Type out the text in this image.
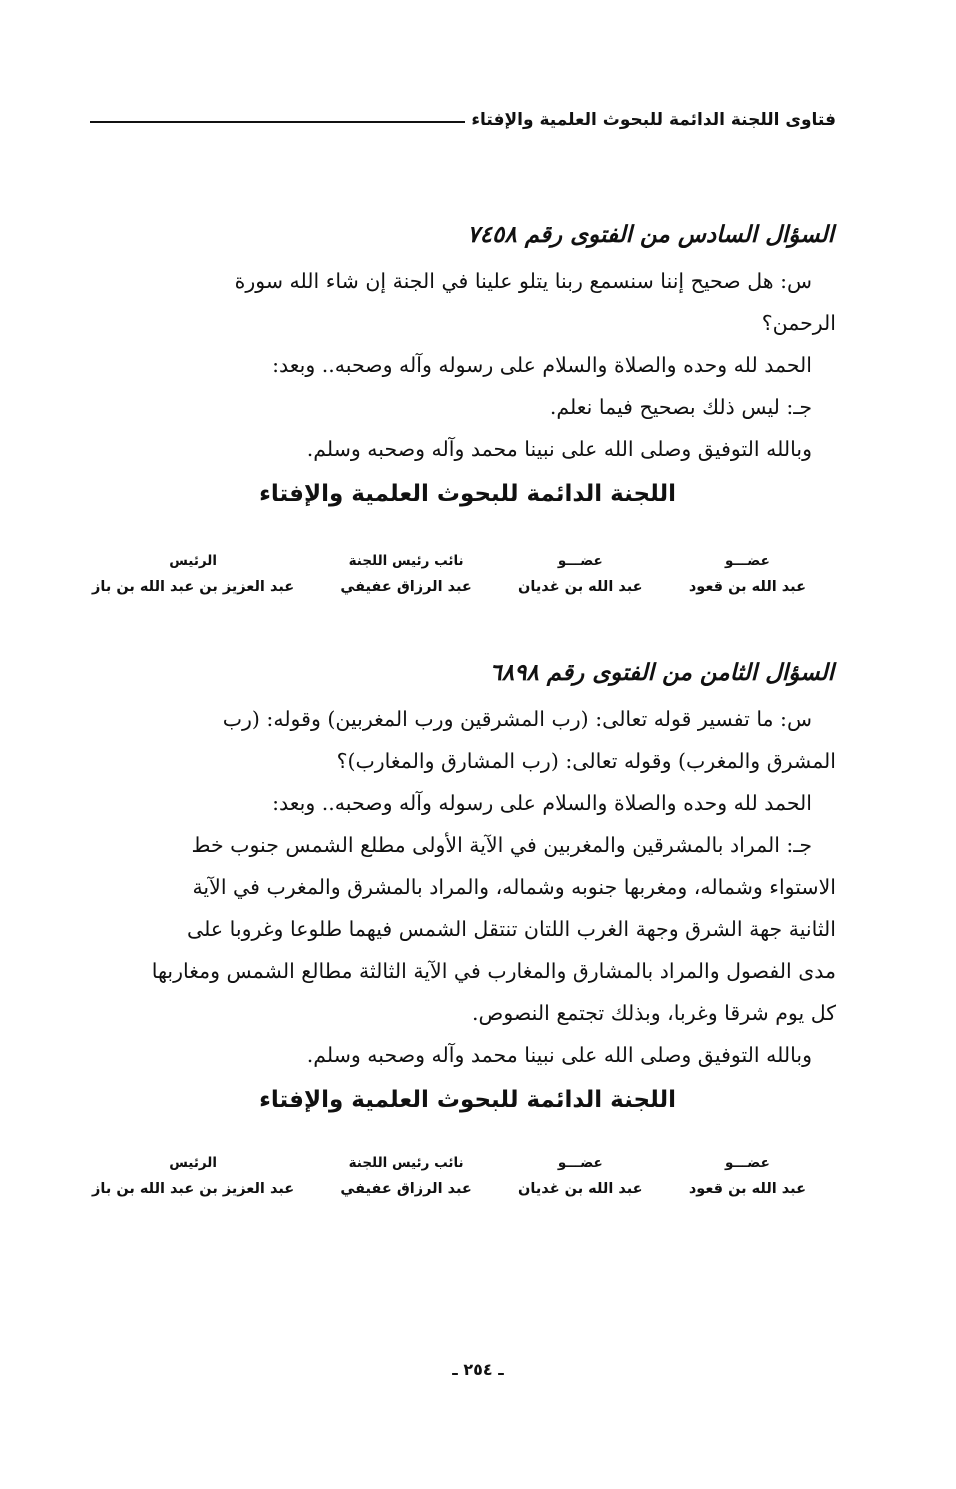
فتاوى اللجنة الدائمة للبحوث العلمية والإفتاء
السؤال السادس من الفتوى رقم ٧٤٥٨

س: هل صحيح إننا سنسمع ربنا يتلو علينا في الجنة إن شاء الله سورة

الرحمن؟

الحمد لله وحده والصلاة والسلام على رسوله وآله وصحبه.. وبعد:

جـ: ليس ذلك بصحيح فيما نعلم.

وبالله التوفيق وصلى الله على نبينا محمد وآله وصحبه وسلم.

اللجنة الدائمة للبحوث العلمية والإفتاء
عضـــو
عبد الله بن قعود
عضـــو
عبد الله بن غديان
نائب رئيس اللجنة
عبد الرزاق عفيفي
الرئيس
عبد العزيز بن عبد الله بن باز
السؤال الثامن من الفتوى رقم ٦٨٩٨

س: ما تفسير قوله تعالى: (رب المشرقين ورب المغربين) وقوله: (رب

المشرق والمغرب) وقوله تعالى: (رب المشارق والمغارب)؟

الحمد لله وحده والصلاة والسلام على رسوله وآله وصحبه.. وبعد:

جـ: المراد بالمشرقين والمغربين في الآية الأولى مطلع الشمس جنوب خط

الاستواء وشماله، ومغربها جنوبه وشماله، والمراد بالمشرق والمغرب في الآية

الثانية جهة الشرق وجهة الغرب اللتان تنتقل الشمس فيهما طلوعا وغروبا على

مدى الفصول والمراد بالمشارق والمغارب في الآية الثالثة مطالع الشمس ومغاربها

كل يوم شرقا وغربا، وبذلك تجتمع النصوص.

وبالله التوفيق وصلى الله على نبينا محمد وآله وصحبه وسلم.

اللجنة الدائمة للبحوث العلمية والإفتاء
عضـــو
عبد الله بن قعود
عضـــو
عبد الله بن غديان
نائب رئيس اللجنة
عبد الرزاق عفيفي
الرئيس
عبد العزيز بن عبد الله بن باز
ـ ٢٥٤ ـ
